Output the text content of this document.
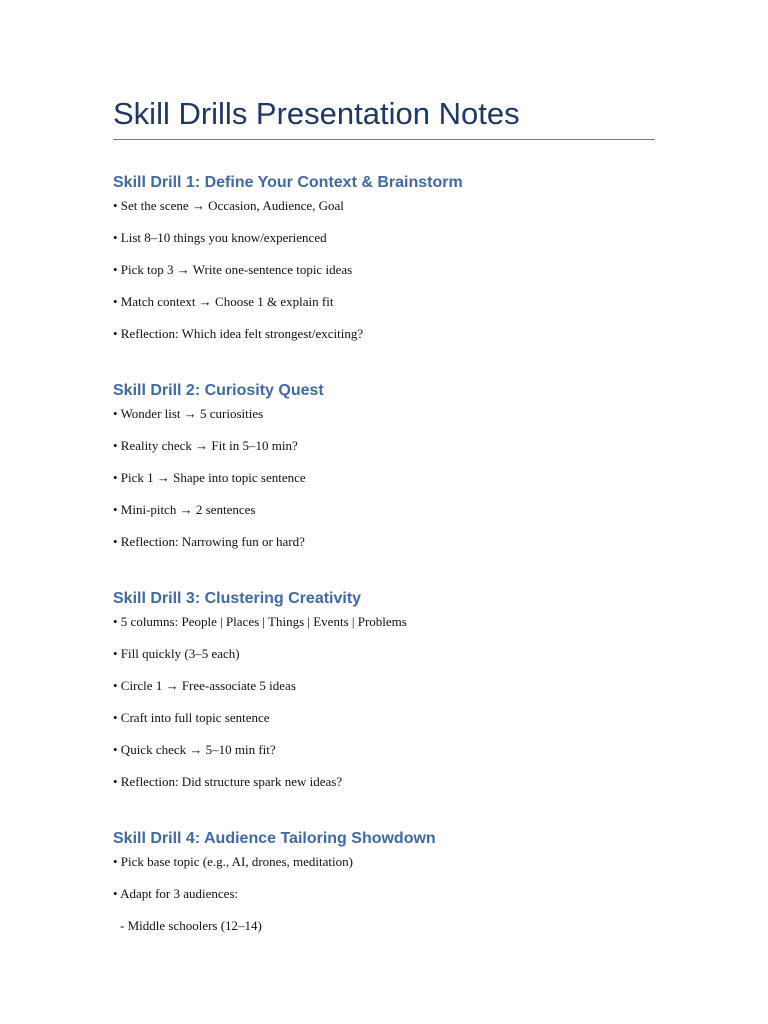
Skill Drills Presentation Notes
Skill Drill 1: Define Your Context & Brainstorm
• Set the scene → Occasion, Audience, Goal
• List 8–10 things you know/experienced
• Pick top 3 → Write one-sentence topic ideas
• Match context → Choose 1 & explain fit
• Reflection: Which idea felt strongest/exciting?
Skill Drill 2: Curiosity Quest
• Wonder list → 5 curiosities
• Reality check → Fit in 5–10 min?
• Pick 1 → Shape into topic sentence
• Mini-pitch → 2 sentences
• Reflection: Narrowing fun or hard?
Skill Drill 3: Clustering Creativity
• 5 columns: People | Places | Things | Events | Problems
• Fill quickly (3–5 each)
• Circle 1 → Free-associate 5 ideas
• Craft into full topic sentence
• Quick check → 5–10 min fit?
• Reflection: Did structure spark new ideas?
Skill Drill 4: Audience Tailoring Showdown
• Pick base topic (e.g., AI, drones, meditation)
• Adapt for 3 audiences:
- Middle schoolers (12–14)
